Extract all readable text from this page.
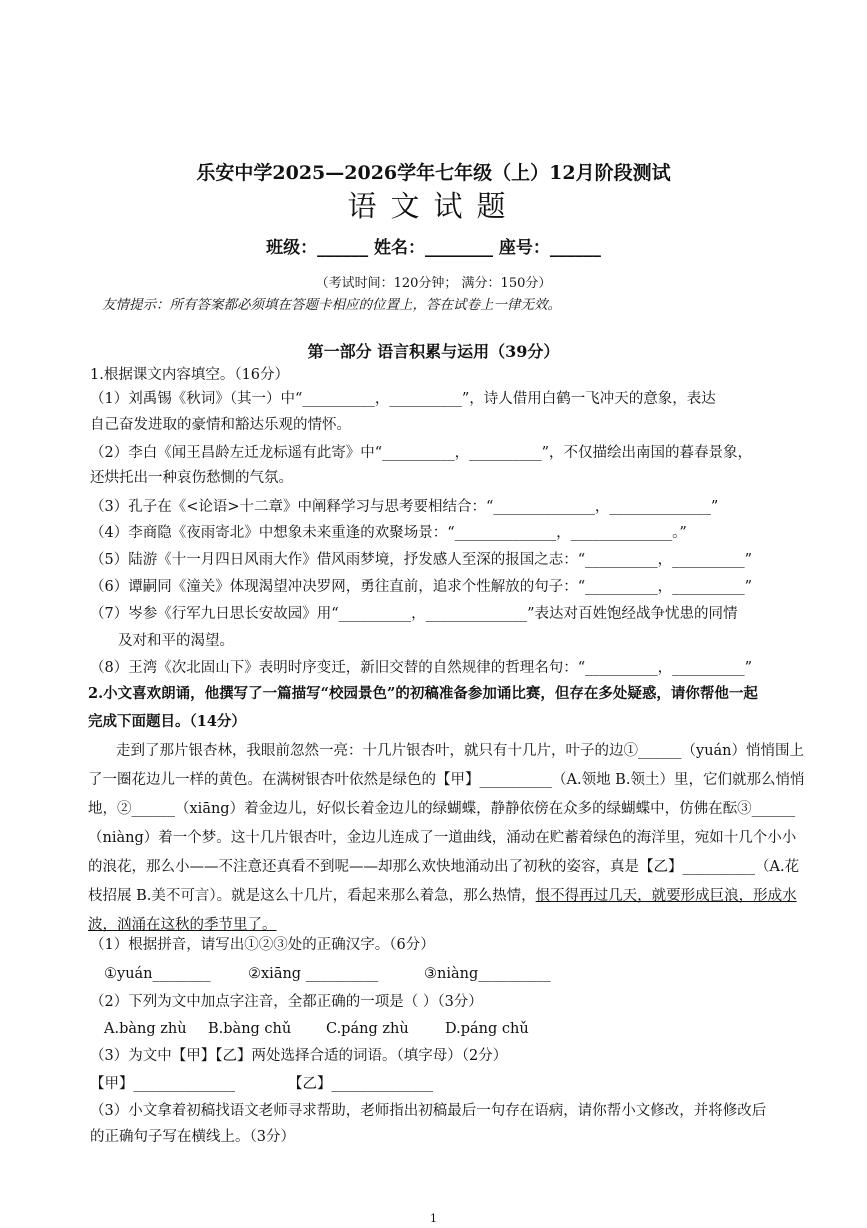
乐安中学2025—2026学年七年级（上）12月阶段测试
语文试题
班级：______ 姓名：________ 座号：______
（考试时间：120分钟； 满分：150分）
友情提示：所有答案都必须填在答题卡相应的位置上，答在试卷上一律无效。
第一部分 语言积累与运用（39分）
1.根据课文内容填空。（16分）
（1）刘禹锡《秋词》（其一）中“__________，__________”，诗人借用白鹤一飞冲天的意象，表达
自己奋发进取的豪情和豁达乐观的情怀。
（2）李白《闻王昌龄左迁龙标遥有此寄》中“__________，__________”，不仅描绘出南国的暮春景象，
还烘托出一种哀伤愁惻的气氛。
（3）孔子在《<论语>十二章》中阐释学习与思考要相结合：“______________，______________”
（4）李商隐《夜雨寄北》中想象未来重逢的欢聚场景：“______________，______________。”
（5）陆游《十一月四日风雨大作》借风雨梦境，抒发感人至深的报国之志：“__________，__________”
（6）谭嗣同《潼关》体现渴望冲决罗网，勇往直前，追求个性解放的句子：“__________，__________”
（7）岑参《行军九日思长安故园》用“__________，______________”表达对百姓饱经战争忧患的同情
及对和平的渴望。
（8）王湾《次北固山下》表明时序变迁，新旧交替的自然规律的哲理名句：“__________，__________”
2.小文喜欢朗诵，他撰写了一篇描写“校园景色”的初稿准备参加诵比赛，但存在多处疑惑，请你帮他一起
完成下面题目。（14分）
走到了那片银杏林，我眼前忽然一亮：十几片银杏叶，就只有十几片，叶子的边①______（yuán）悄悄围上了一圈花边儿一样的黄色。在满树银杏叶依然是绿色的【甲】__________（A.领地 B.领土）里，它们就那么悄悄地，②______（xiāng）着金边儿，好似长着金边儿的绿蝴蝶，静静依傍在众多的绿蝴蝶中，仿佛在酝③______（niàng）着一个梦。这十几片银杏叶，金边儿连成了一道曲线，涌动在贮蓄着绿色的海洋里，宛如十几个小小的浪花，那么小——不注意还真看不到呢——却那么欢快地涌动出了初秋的姿容，真是【乙】__________（A.花枝招展 B.美不可言）。就是这么十几片，看起来那么着急，那么热情，恨不得再过几天，就要形成巨浪，形成水波，汹涌在这秋的季节里了。
（1）根据拼音，请写出①②③处的正确汉字。（6分）
①yuán________	②xiāng __________	③niàng__________
（2）下列为文中加点字注音，全都正确的一项是（ ）（3分）
A.bàng zhù B.bàng chǔ C.páng zhù	D.páng chǔ
（3）为文中【甲】【乙】两处选择合适的词语。（填字母）（2分）
【甲】______________	【乙】______________
（3）小文拿着初稿找语文老师寻求帮助，老师指出初稿最后一句存在语病，请你帮小文修改，并将修改后
的正确句子写在横线上。（3分）
1
